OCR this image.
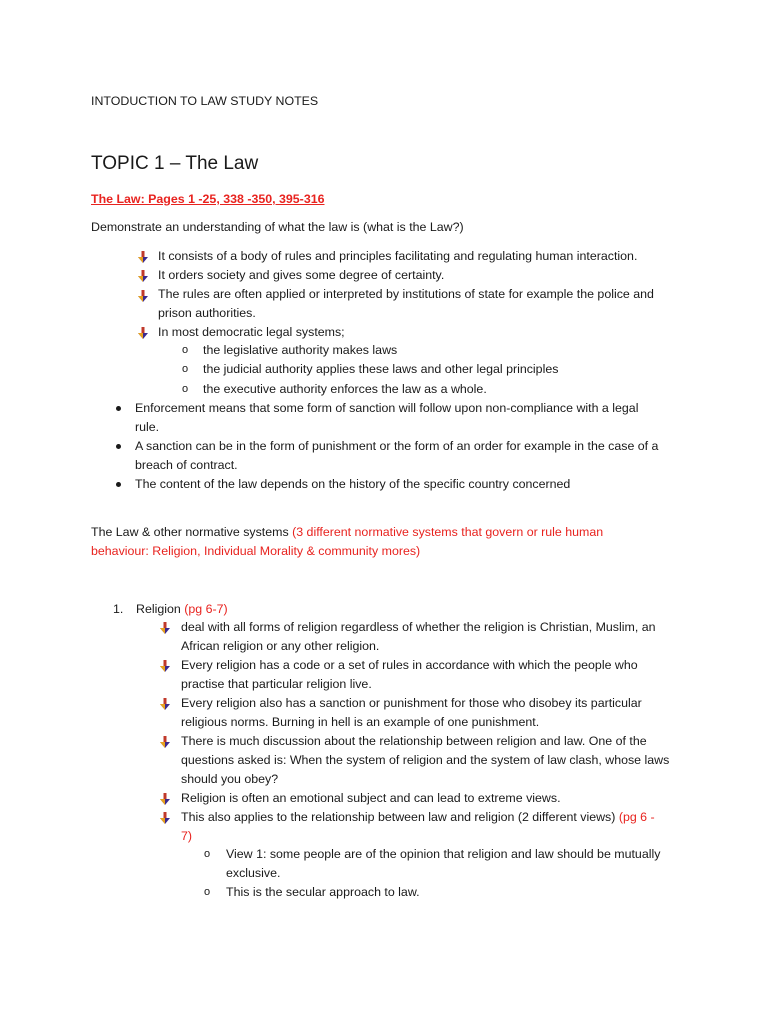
INTODUCTION TO LAW STUDY NOTES
TOPIC 1 – The Law
The Law: Pages 1 -25, 338 -350, 395-316
Demonstrate an understanding of what the law is (what is the Law?)
It consists of a body of rules and principles facilitating and regulating human interaction.
It orders society and gives some degree of certainty.
The rules are often applied or interpreted by institutions of state for example the police and
prison authorities.
In most democratic legal systems;
o the legislative authority makes laws
o the judicial authority applies these laws and other legal principles
o the executive authority enforces the law as a whole.
Enforcement means that some form of sanction will follow upon non-compliance with a legal
rule.
A sanction can be in the form of punishment or the form of an order for example in the case of a
breach of contract.
The content of the law depends on the history of the specific country concerned
The Law & other normative systems (3 different normative systems that govern or rule human
behaviour: Religion, Individual Morality & community mores)
1. Religion (pg 6-7)
deal with all forms of religion regardless of whether the religion is Christian, Muslim, an
African religion or any other religion.
Every religion has a code or a set of rules in accordance with which the people who
practise that particular religion live.
Every religion also has a sanction or punishment for those who disobey its particular
religious norms. Burning in hell is an example of one punishment.
There is much discussion about the relationship between religion and law. One of the
questions asked is: When the system of religion and the system of law clash, whose laws
should you obey?
Religion is often an emotional subject and can lead to extreme views.
This also applies to the relationship between law and religion (2 different views) (pg 6 -
7)
o View 1: some people are of the opinion that religion and law should be mutually
exclusive.
o This is the secular approach to law.
